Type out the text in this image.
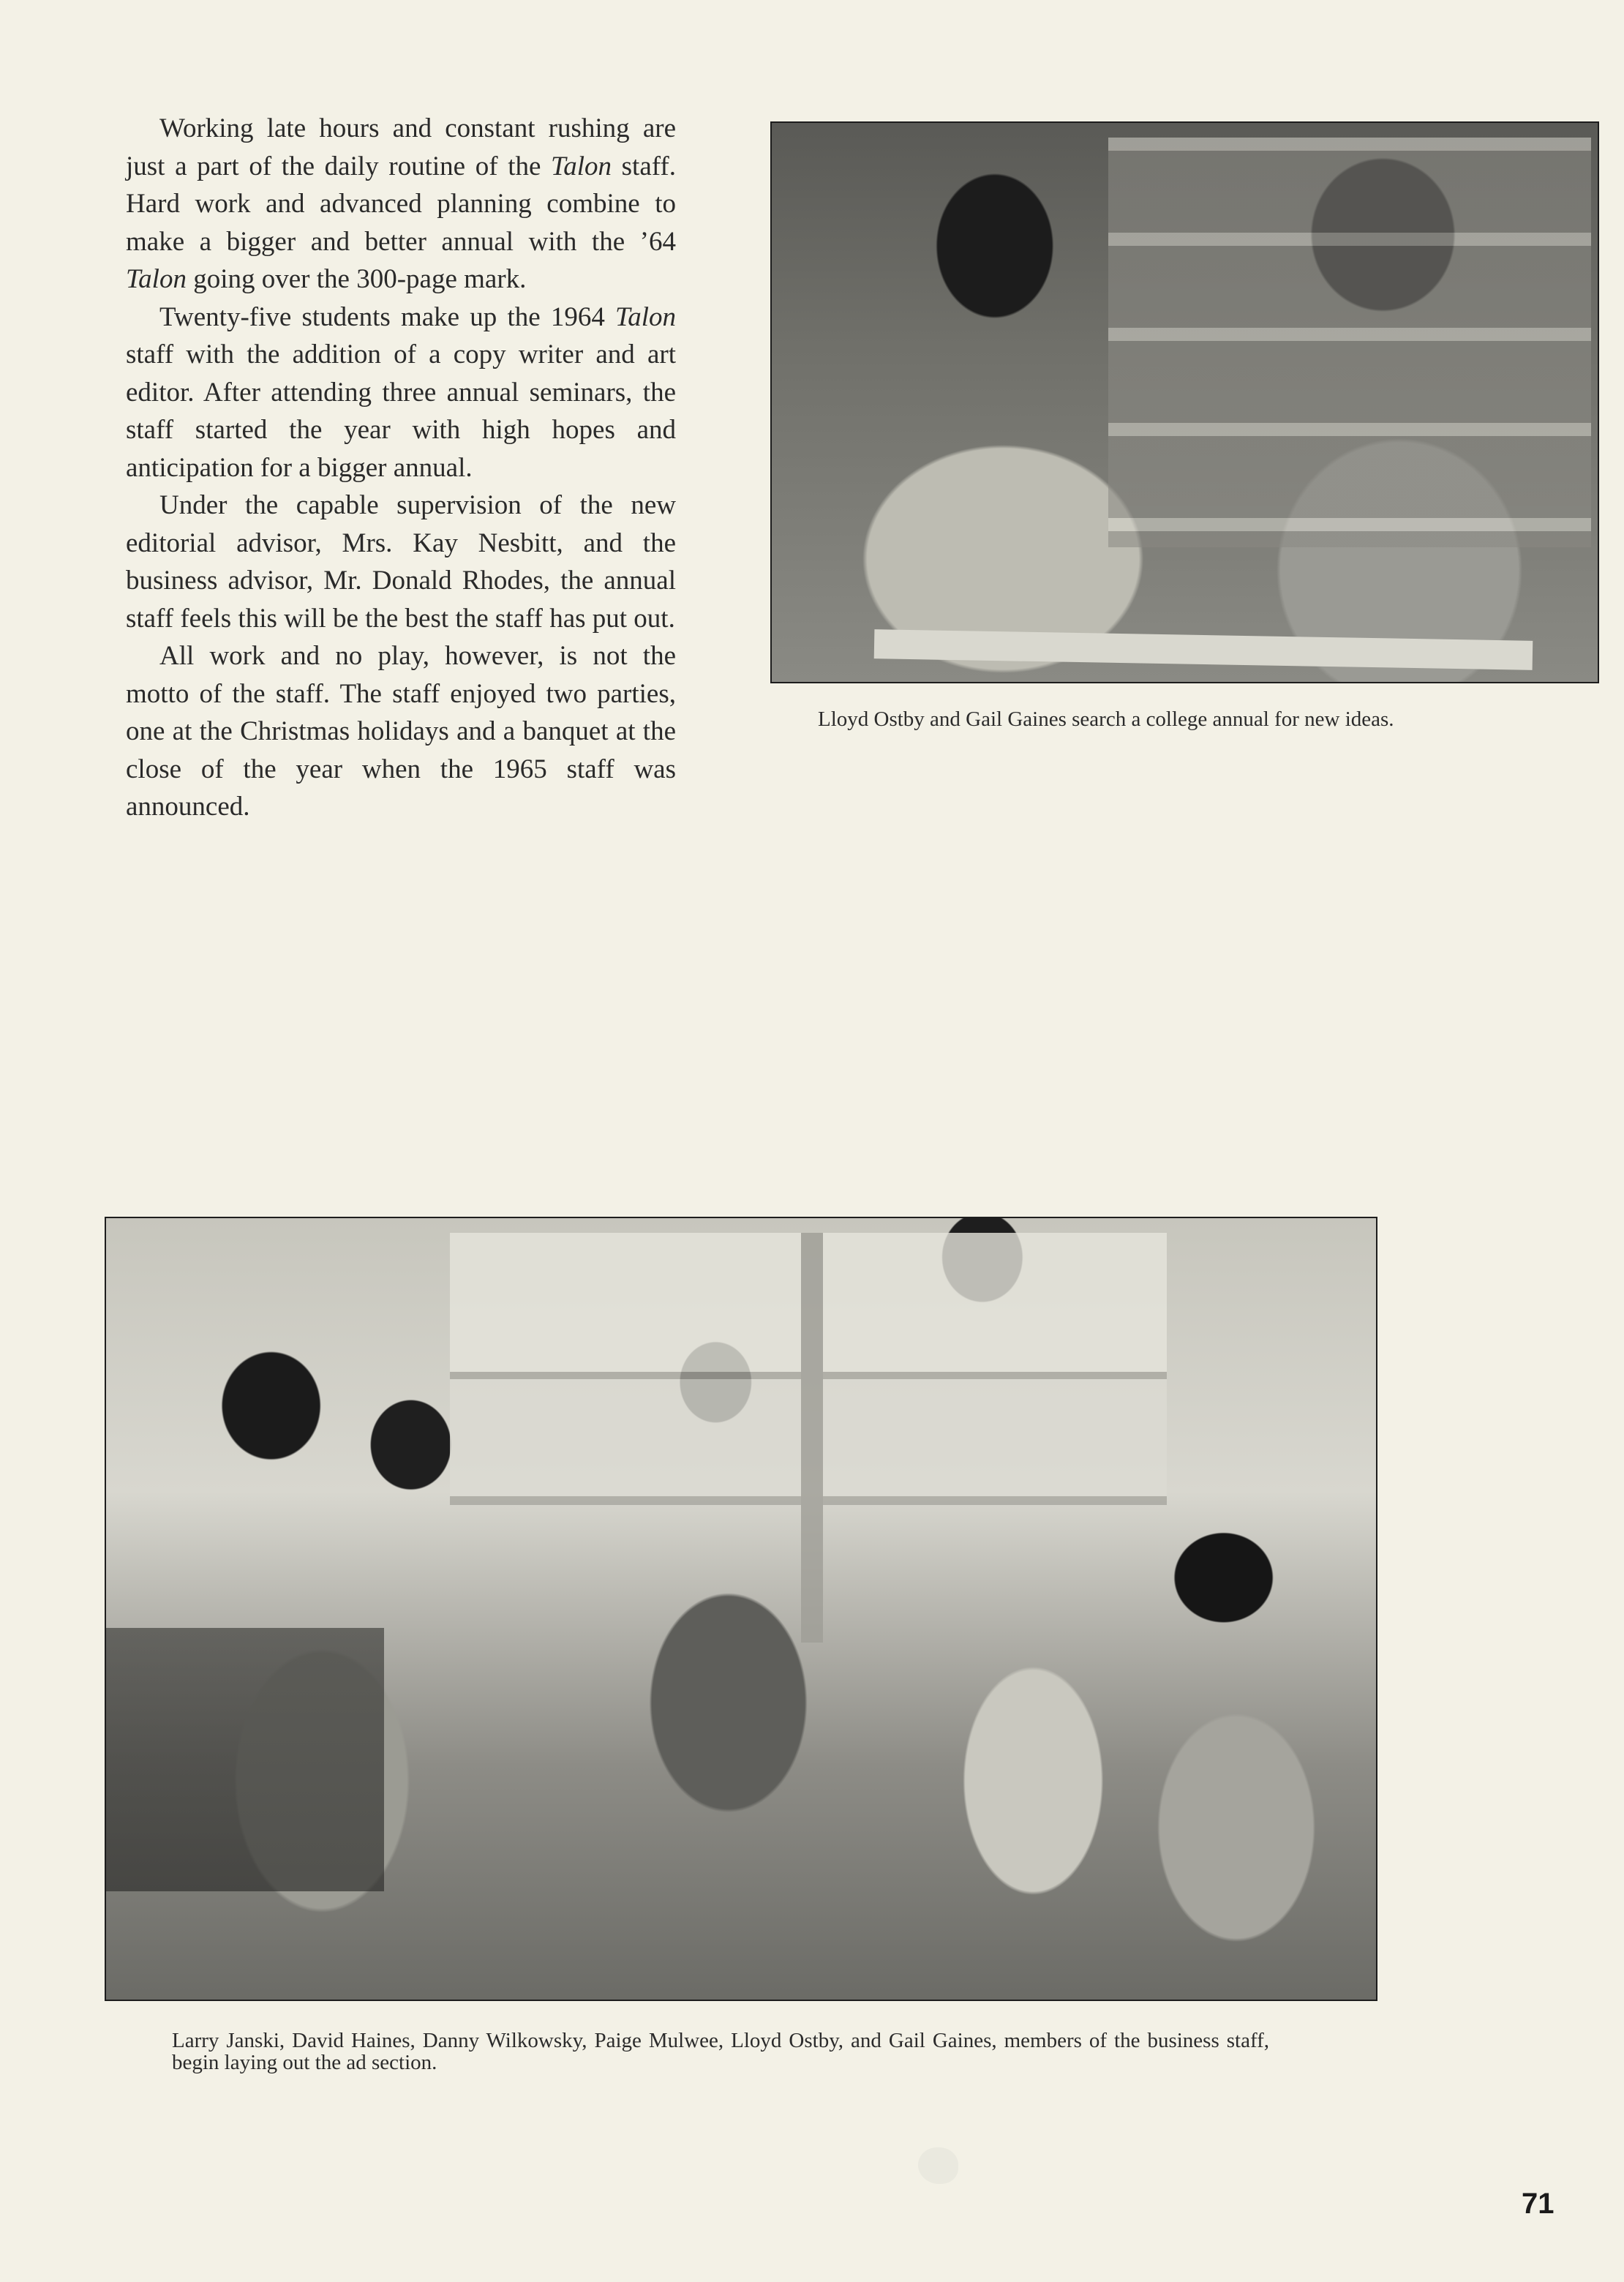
Working late hours and constant rushing are just a part of the daily routine of the Talon staff. Hard work and advanced planning combine to make a bigger and better annual with the ’64 Talon going over the 300-page mark.

Twenty-five students make up the 1964 Talon staff with the addition of a copy writer and art editor. After attending three annual seminars, the staff started the year with high hopes and anticipation for a bigger annual.

Under the capable supervision of the new editorial advisor, Mrs. Kay Nesbitt, and the business advisor, Mr. Donald Rhodes, the annual staff feels this will be the best the staff has put out.

All work and no play, however, is not the motto of the staff. The staff enjoyed two parties, one at the Christmas holidays and a banquet at the close of the year when the 1965 staff was announced.

Lloyd Ostby and Gail Gaines search a college annual for new ideas.
Larry Janski, David Haines, Danny Wilkowsky, Paige Mulwee, Lloyd Ostby, and Gail Gaines, members of the business staff, begin laying out the ad section.
71
